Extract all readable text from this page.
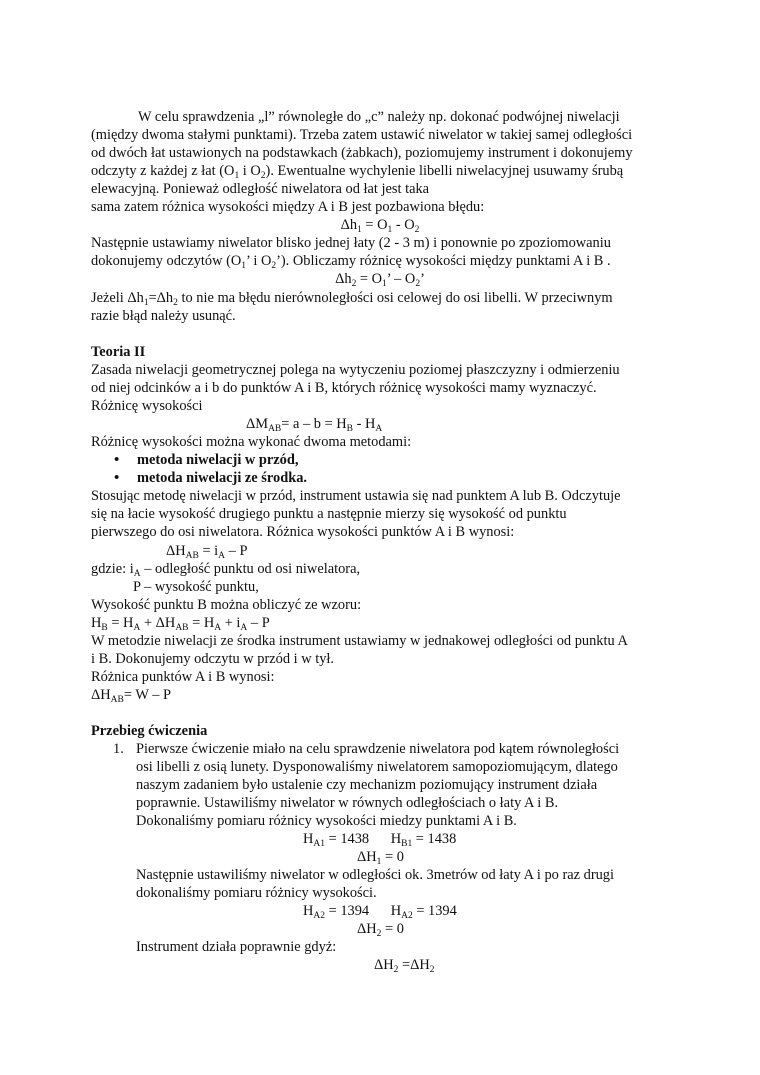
W celu sprawdzenia „l” równoległe do „c” należy np. dokonać podwójnej niwelacji
(między dwoma stałymi punktami). Trzeba zatem ustawić niwelator w takiej samej odległości
od dwóch łat ustawionych na podstawkach (żabkach), poziomujemy instrument i dokonujemy
odczyty z każdej z łat ($O_1$ i $O_2$). Ewentualne wychylenie libelli niwelacyjnej usuwamy śrubą
elewacyjną. Ponieważ odległość niwelatora od łat jest taka
sama zatem różnica wysokości między A i B jest pozbawiona błędu:
$\Delta h_1 = O_1 - O_2$
Następnie ustawiamy niwelator blisko jednej łaty (2 - 3 m) i ponownie po zpoziomowaniu
dokonujemy odczytów ($O_1$’ i $O_2$’). Obliczamy różnicę wysokości między punktami A i B .
$\Delta h_2 = O_1$’ – $O_2$’
Jeżeli $\Delta h_1=\Delta h_2$ to nie ma błędu nierównoległości osi celowej do osi libelli. W przeciwnym
razie błąd należy usunąć.
Teoria II
Zasada niwelacji geometrycznej polega na wytyczeniu poziomej płaszczyzny i odmierzeniu
od niej odcinków a i b do punktów A i B, których różnicę wysokości mamy wyznaczyć.
Różnicę wysokości
$\Delta M_{AB}= a - b = H_B - H_A$
Różnicę wysokości można wykonać dwoma metodami:
• metoda niwelacji w przód,
• metoda niwelacji ze środka.
Stosując metodę niwelacji w przód, instrument ustawia się nad punktem A lub B. Odczytuje
się na łacie wysokość drugiego punktu a następnie mierzy się wysokość od punktu
pierwszego do osi niwelatora. Różnica wysokości punktów A i B wynosi:
$\Delta H_{AB} = i_A - P$
gdzie: $i_A$ – odległość punktu od osi niwelatora,
P – wysokość punktu,
Wysokość punktu B można obliczyć ze wzoru:
$H_B = H_A + \Delta H_{AB} = H_A + i_A - P$
W metodzie niwelacji ze środka instrument ustawiamy w jednakowej odległości od punktu A
i B. Dokonujemy odczytu w przód i w tył.
Różnica punktów A i B wynosi:
$\Delta H_{AB}= W - P$
Przebieg ćwiczenia
1. Pierwsze ćwiczenie miało na celu sprawdzenie niwelatora pod kątem równoległości
osi libelli z osią lunety. Dysponowaliśmy niwelatorem samopoziomującym, dlatego
naszym zadaniem było ustalenie czy mechanizm poziomujący instrument działa
poprawnie. Ustawiliśmy niwelator w równych odległościach o łaty A i B.
Dokonaliśmy pomiaru różnicy wysokości miedzy punktami A i B.
$H_{A1} = 1438$      $H_{B1} = 1438$
$\Delta H_1 = 0$
Następnie ustawiliśmy niwelator w odległości ok. 3metrów od łaty A i po raz drugi
dokonaliśmy pomiaru różnicy wysokości.
$H_{A2} = 1394$      $H_{A2} = 1394$
$\Delta H_2 = 0$
Instrument działa poprawnie gdyż:
$\Delta H_2 =\Delta H_2$
